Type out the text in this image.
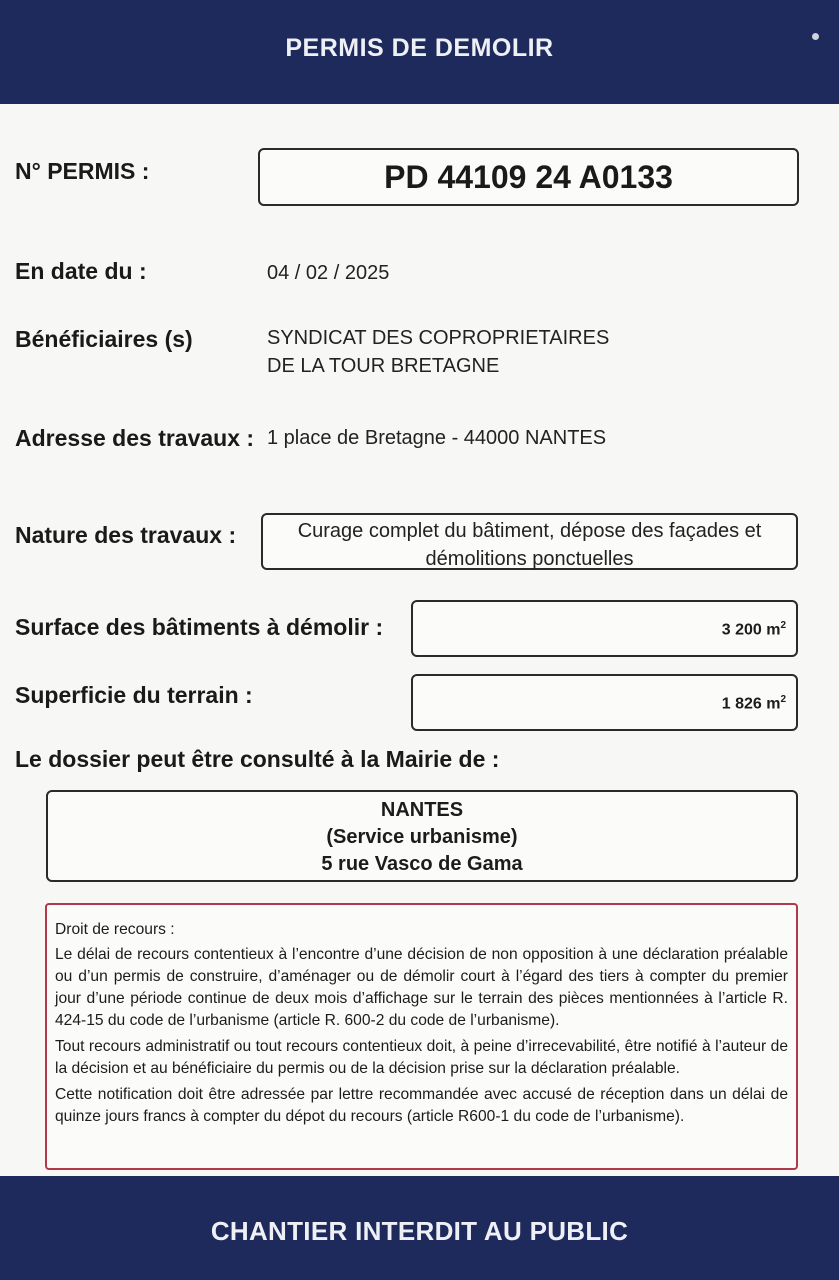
PERMIS DE DEMOLIR
N° PERMIS :	PD 44109 24 A0133
En date du :	04 / 02 / 2025
Bénéficiaires (s)	SYNDICAT DES COPROPRIETAIRES
DE LA TOUR BRETAGNE
Adresse des travaux : 1 place de Bretagne - 44000 NANTES
Nature des travaux :	Curage complet du bâtiment, dépose des façades et
démolitions ponctuelles
Surface des bâtiments à démolir :	3 200 $m^2$
Superficie du terrain :	1 826 $m^2$
Le dossier peut être consulté à la Mairie de :
NANTES
(Service urbanisme)
5 rue Vasco de Gama

Droit de recours :

Le délai de recours contentieux à l’encontre d’une décision de non opposition à une déclaration préalable ou d’un permis de construire, d’aménager ou de démolir court à l’égard des tiers à compter du premier jour d’une période continue de deux mois d’affichage sur le terrain des pièces mentionnées à l’article R. 424-15 du code de l’urbanisme (article R. 600-2 du code de l’urbanisme).

Tout recours administratif ou tout recours contentieux doit, à peine d’irrecevabilité, être notifié à l’auteur de la décision et au bénéficiaire du permis ou de la décision prise sur la déclaration préalable.

Cette notification doit être adressée par lettre recommandée avec accusé de réception dans un délai de quinze jours francs à compter du dépot du recours (article R600-1 du code de l’urbanisme).

CHANTIER INTERDIT AU PUBLIC
